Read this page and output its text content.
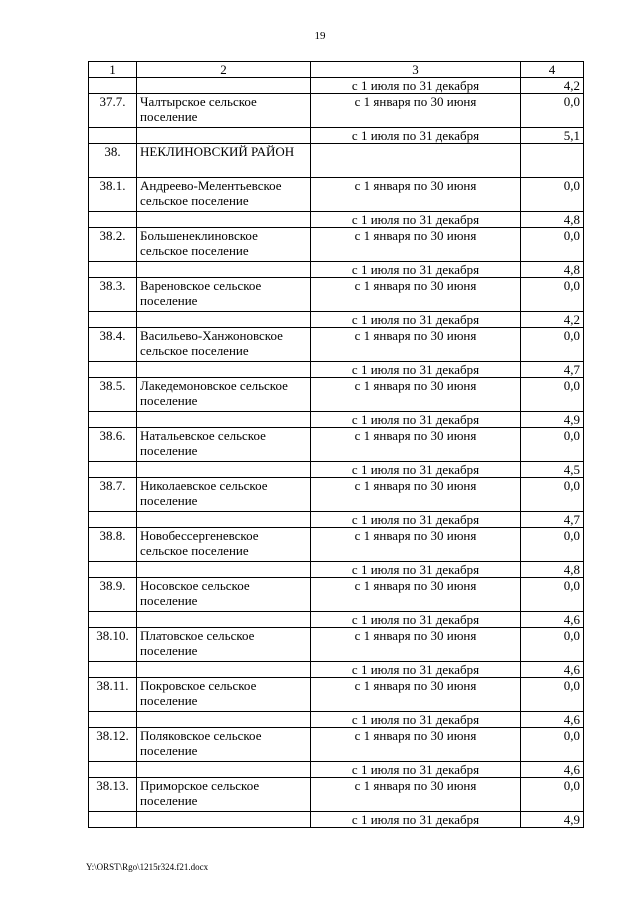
19
1	2	3	4
		с 1 июля по 31 декабря	4,2
37.7.	Чалтырское сельское поселение	с 1 января по 30 июня	0,0
		с 1 июля по 31 декабря	5,1
38.	НЕКЛИНОВСКИЙ РАЙОН		
38.1.	Андреево-Мелентьевское сельское поселение	с 1 января по 30 июня	0,0
		с 1 июля по 31 декабря	4,8
38.2.	Большенеклиновское сельское поселение	с 1 января по 30 июня	0,0
		с 1 июля по 31 декабря	4,8
38.3.	Вареновское сельское поселение	с 1 января по 30 июня	0,0
		с 1 июля по 31 декабря	4,2
38.4.	Васильево-Ханжоновское сельское поселение	с 1 января по 30 июня	0,0
		с 1 июля по 31 декабря	4,7
38.5.	Лакедемоновское сельское поселение	с 1 января по 30 июня	0,0
		с 1 июля по 31 декабря	4,9
38.6.	Натальевское сельское поселение	с 1 января по 30 июня	0,0
		с 1 июля по 31 декабря	4,5
38.7.	Николаевское сельское поселение	с 1 января по 30 июня	0,0
		с 1 июля по 31 декабря	4,7
38.8.	Новобессергеневское сельское поселение	с 1 января по 30 июня	0,0
		с 1 июля по 31 декабря	4,8
38.9.	Носовское сельское поселение	с 1 января по 30 июня	0,0
		с 1 июля по 31 декабря	4,6
38.10.	Платовское сельское поселение	с 1 января по 30 июня	0,0
		с 1 июля по 31 декабря	4,6
38.11.	Покровское сельское поселение	с 1 января по 30 июня	0,0
		с 1 июля по 31 декабря	4,6
38.12.	Поляковское сельское поселение	с 1 января по 30 июня	0,0
		с 1 июля по 31 декабря	4,6
38.13.	Приморское сельское поселение	с 1 января по 30 июня	0,0
		с 1 июля по 31 декабря	4,9
Y:\ORST\Rgo\1215r324.f21.docx
